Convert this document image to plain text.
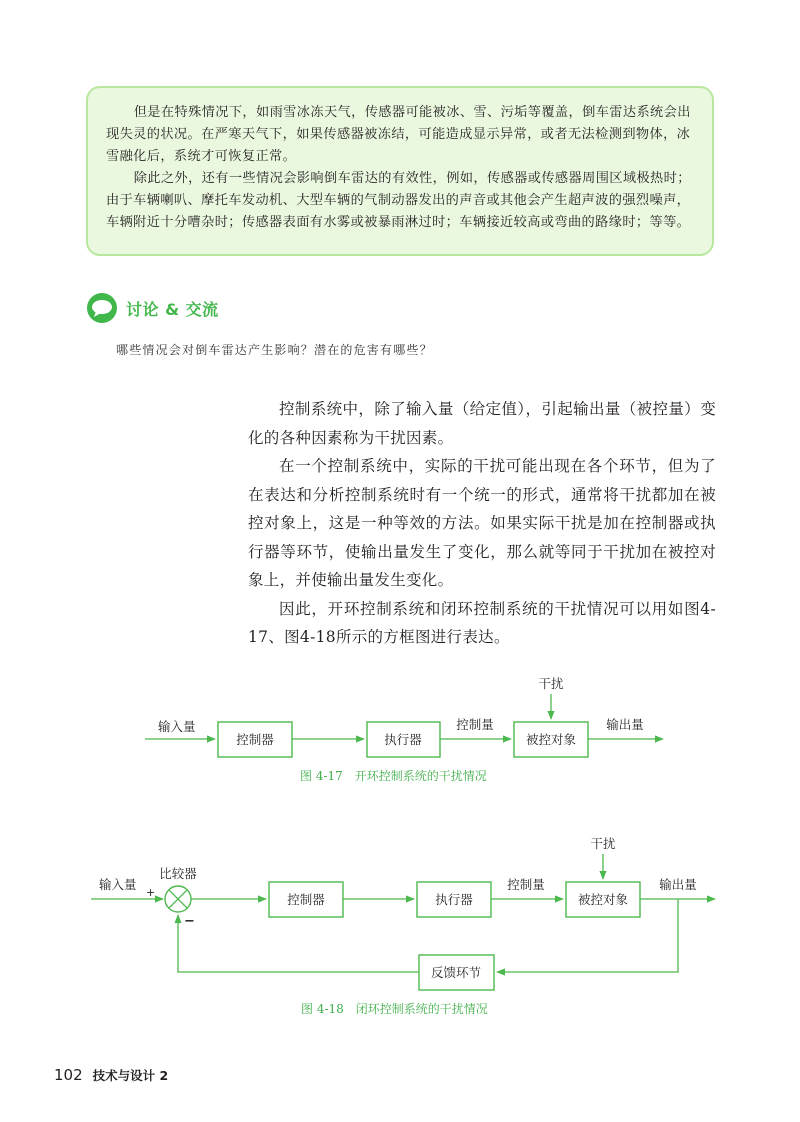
但是在特殊情况下，如雨雪冰冻天气，传感器可能被冰、雪、污垢等覆盖，倒车雷达系统会出现失灵的状况。在严寒天气下，如果传感器被冻结，可能造成显示异常，或者无法检测到物体，冰雪融化后，系统才可恢复正常。

除此之外，还有一些情况会影响倒车雷达的有效性，例如，传感器或传感器周围区域极热时；由于车辆喇叭、摩托车发动机、大型车辆的气制动器发出的声音或其他会产生超声波的强烈噪声，车辆附近十分嘈杂时；传感器表面有水雾或被暴雨淋过时；车辆接近较高或弯曲的路缘时；等等。

讨论 & 交流
哪些情况会对倒车雷达产生影响？潜在的危害有哪些？

控制系统中，除了输入量（给定值），引起输出量（被控量）变化的各种因素称为干扰因素。

在一个控制系统中，实际的干扰可能出现在各个环节，但为了在表达和分析控制系统时有一个统一的形式，通常将干扰都加在被控对象上，这是一种等效的方法。如果实际干扰是加在控制器或执行器等环节，使输出量发生了变化，那么就等同于干扰加在被控对象上，并使输出量发生变化。

因此，开环控制系统和闭环控制系统的干扰情况可以用如图4-17、图4-18所示的方框图进行表达。

输入量
控制器	执行器
控制量
被控对象
输出量
干扰
图 4-17　开环控制系统的干扰情况
输入量
+
比较器
−
控制器	执行器
控制量
被控对象
输出量
干扰
反馈环节
图 4-18　闭环控制系统的干扰情况
102 技术与设计 2
